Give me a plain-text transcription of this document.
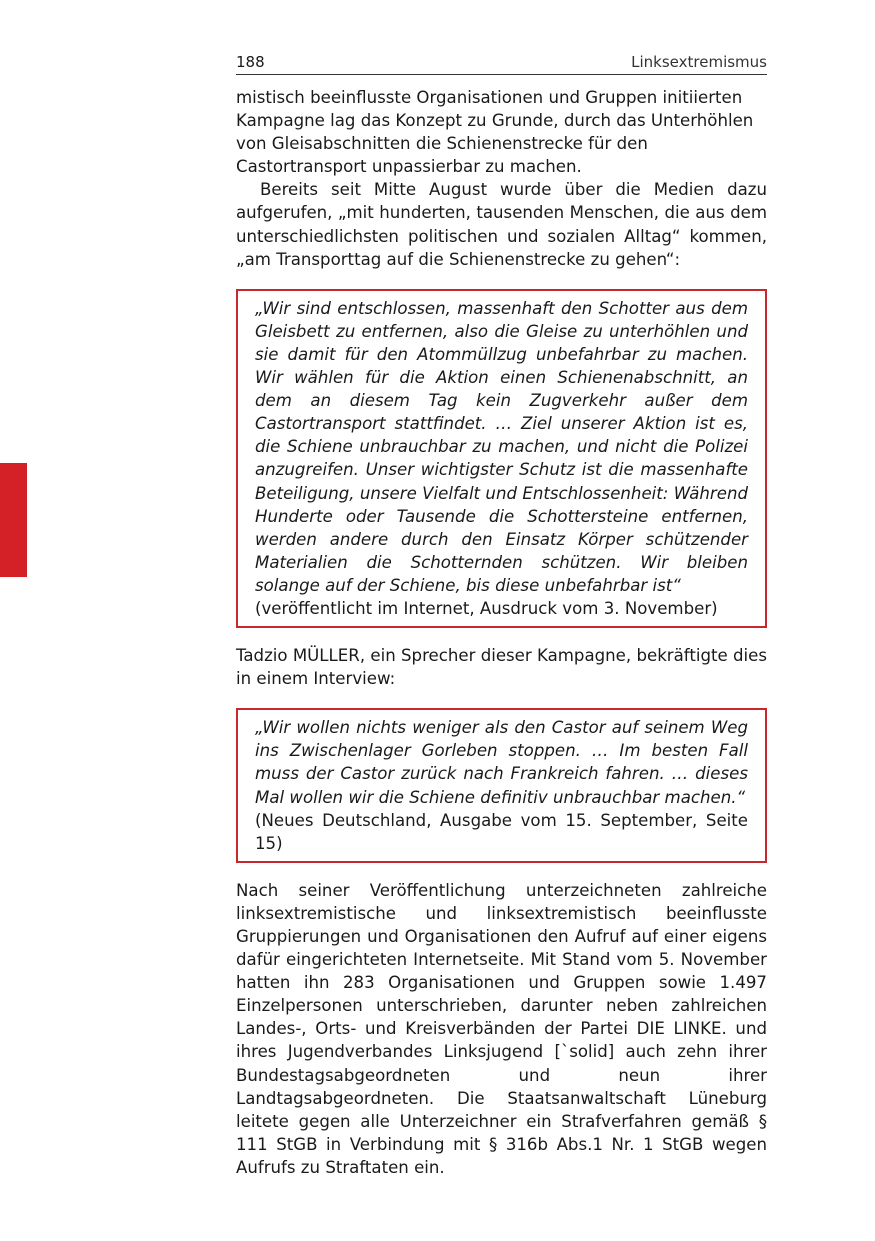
188	Linksextremismus

mistisch beeinflusste Organisationen und Gruppen initiierten Kampagne lag das Konzept zu Grunde, durch das Unterhöhlen von Gleisabschnitten die Schienenstrecke für den Castortransport unpassierbar zu machen.

Bereits seit Mitte August wurde über die Medien dazu aufgerufen, „mit hunderten, tausenden Menschen, die aus dem unterschiedlichsten politischen und sozialen Alltag“ kommen, „am Transporttag auf die Schienenstrecke zu gehen“:

„Wir sind entschlossen, massenhaft den Schotter aus dem Gleisbett zu entfernen, also die Gleise zu unterhöhlen und sie damit für den Atommüllzug unbefahrbar zu machen. Wir wählen für die Aktion einen Schienenabschnitt, an dem an diesem Tag kein Zugverkehr außer dem Castortransport stattfindet. … Ziel unserer Aktion ist es, die Schiene unbrauchbar zu machen, und nicht die Polizei anzugreifen. Unser wichtigster Schutz ist die massenhafte Beteiligung, unsere Vielfalt und Entschlossenheit: Während Hunderte oder Tausende die Schottersteine entfernen, werden andere durch den Einsatz Körper schützender Materialien die Schotternden schützen. Wir bleiben solange auf der Schiene, bis diese unbefahrbar ist“

(veröffentlicht im Internet, Ausdruck vom 3. November)

Tadzio MÜLLER, ein Sprecher dieser Kampagne, bekräftigte dies in einem Interview:

„Wir wollen nichts weniger als den Castor auf seinem Weg ins Zwischenlager Gorleben stoppen. … Im besten Fall muss der Castor zurück nach Frankreich fahren. … dieses Mal wollen wir die Schiene definitiv unbrauchbar machen.“

(Neues Deutschland, Ausgabe vom 15. September, Seite 15)

Nach seiner Veröffentlichung unterzeichneten zahlreiche linksextremistische und linksextremistisch beeinflusste Gruppierungen und Organisationen den Aufruf auf einer eigens dafür eingerichteten Internetseite. Mit Stand vom 5. November hatten ihn 283 Organisationen und Gruppen sowie 1.497 Einzelpersonen unterschrieben, darunter neben zahlreichen Landes-, Orts- und Kreisverbänden der Partei DIE LINKE. und ihres Jugendverbandes Linksjugend [`solid] auch zehn ihrer Bundestagsabgeordneten und neun ihrer Landtagsabgeordneten. Die Staatsanwaltschaft Lüneburg leitete gegen alle Unterzeichner ein Strafverfahren gemäß § 111 StGB in Verbindung mit § 316b Abs.1 Nr. 1 StGB wegen Aufrufs zu Straftaten ein.
